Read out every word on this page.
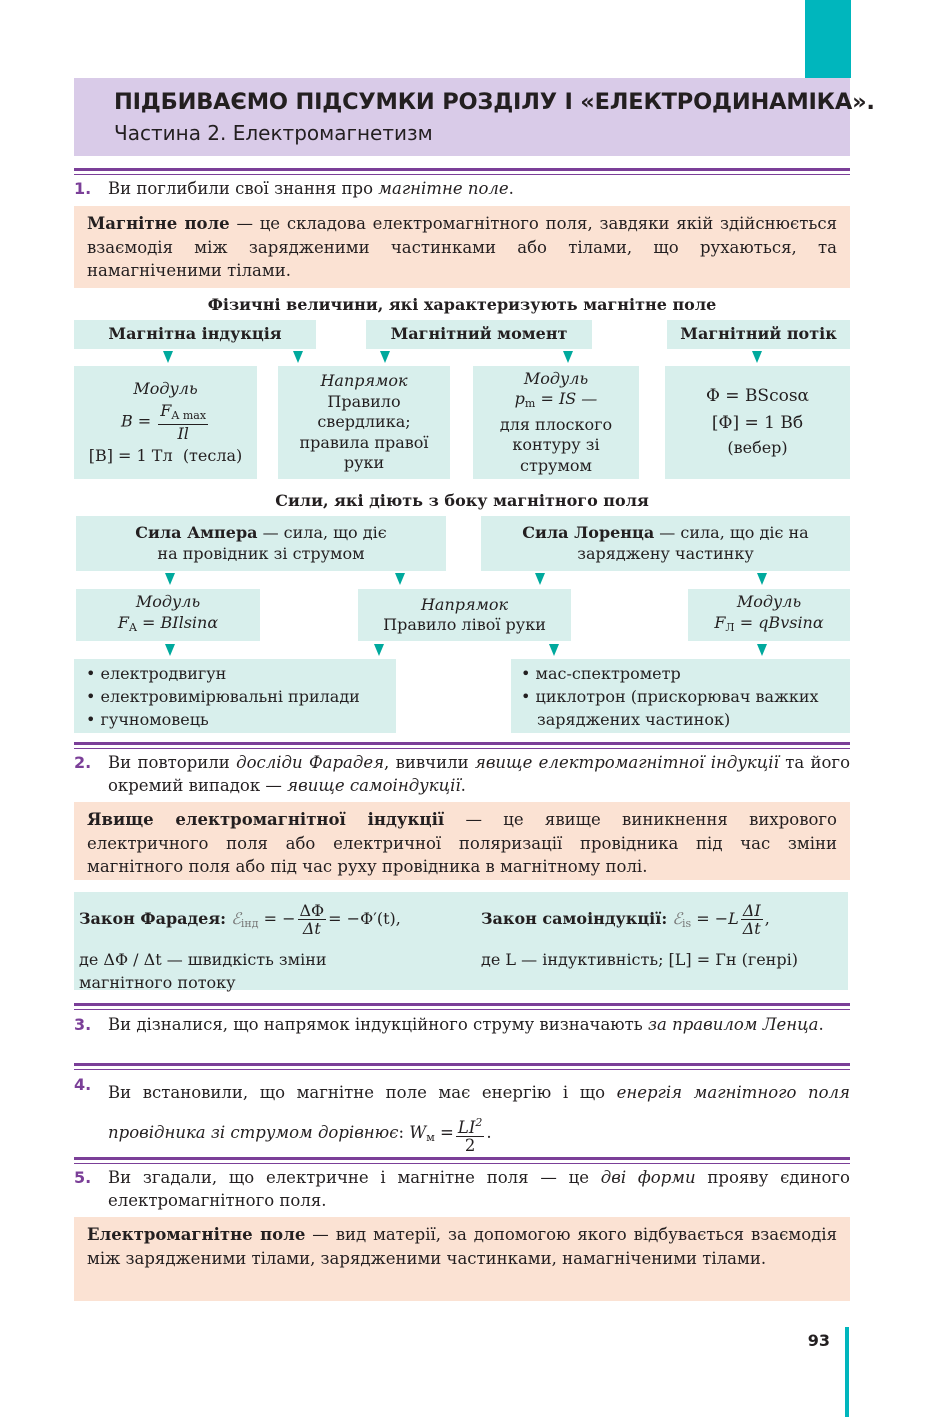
ПІДБИВАЄМО ПІДСУМКИ РОЗДІЛУ І «ЕЛЕКТРОДИНАМІКА».
Частина 2. Електромагнетизм
1. Ви поглибили свої знання про магнітне поле.
Магнітне поле — це складова електромагнітного поля, завдяки якій здійснюється взаємодія між зарядженими частинками або тілами, що рухаються, та намагніченими тілами.
Фізичні величини, які характеризують магнітне поле
Магнітна індукція	Магнітний момент	Магнітний потік
Модуль
$B = \frac{F_{A max}}{Il}$
[B] = 1 Тл (тесла)
Напрямок
Правило свердлика; правила правої руки
Модуль
$p_m$ = IS —
для плоского контуру зі струмом
Φ = BScosα
[Φ] = 1 Вб
(вебер)
Сили, які діють з боку магнітного поля
Сила Ампера — сила, що діє на провідник зі струмом
Сила Лоренца — сила, що діє на заряджену частинку
Модуль
$F_A = BIlsin\alpha$
Напрямок
Правило лівої руки
Модуль
$F_Л = qBvsin\alpha$
• електродвигун
• електровимірювальні прилади
• гучномовець
• мас-спектрометр
• циклотрон (прискорювач важких заряджених частинок)
2. Ви повторили досліди Фарадея, вивчили явище електромагнітної індукції та його окремий випадок — явище самоіндукції.
Явище електромагнітної індукції — це явище виникнення вихрового електричного поля або електричної поляризації провідника під час зміни магнітного поля або під час руху провідника в магнітному полі.
Закон Фарадея: ℰ$_{інд}$ = − $\frac{\Delta\Phi}{\Delta t} = -\Phi'(t)$,
де ΔΦ / Δt — швидкість зміни магнітного потоку
Закон самоіндукції: ℰ$_{is}$ = $-L \frac{\Delta I}{\Delta t}$ ,
де L — індуктивність; [L] = Гн (генрі)
3. Ви дізналися, що напрямок індукційного струму визначають за правилом Ленца.
4. Ви встановили, що магнітне поле має енергію і що енергія магнітного поля провідника зі струмом дорівнює: $W_м = \frac{LI^2}{2}$ .
5. Ви згадали, що електричне і магнітне поля — це дві форми прояву єдиного електромагнітного поля.
Електромагнітне поле — вид матерії, за допомогою якого відбувається взаємодія між зарядженими тілами, зарядженими частинками, намагніченими тілами.
93
